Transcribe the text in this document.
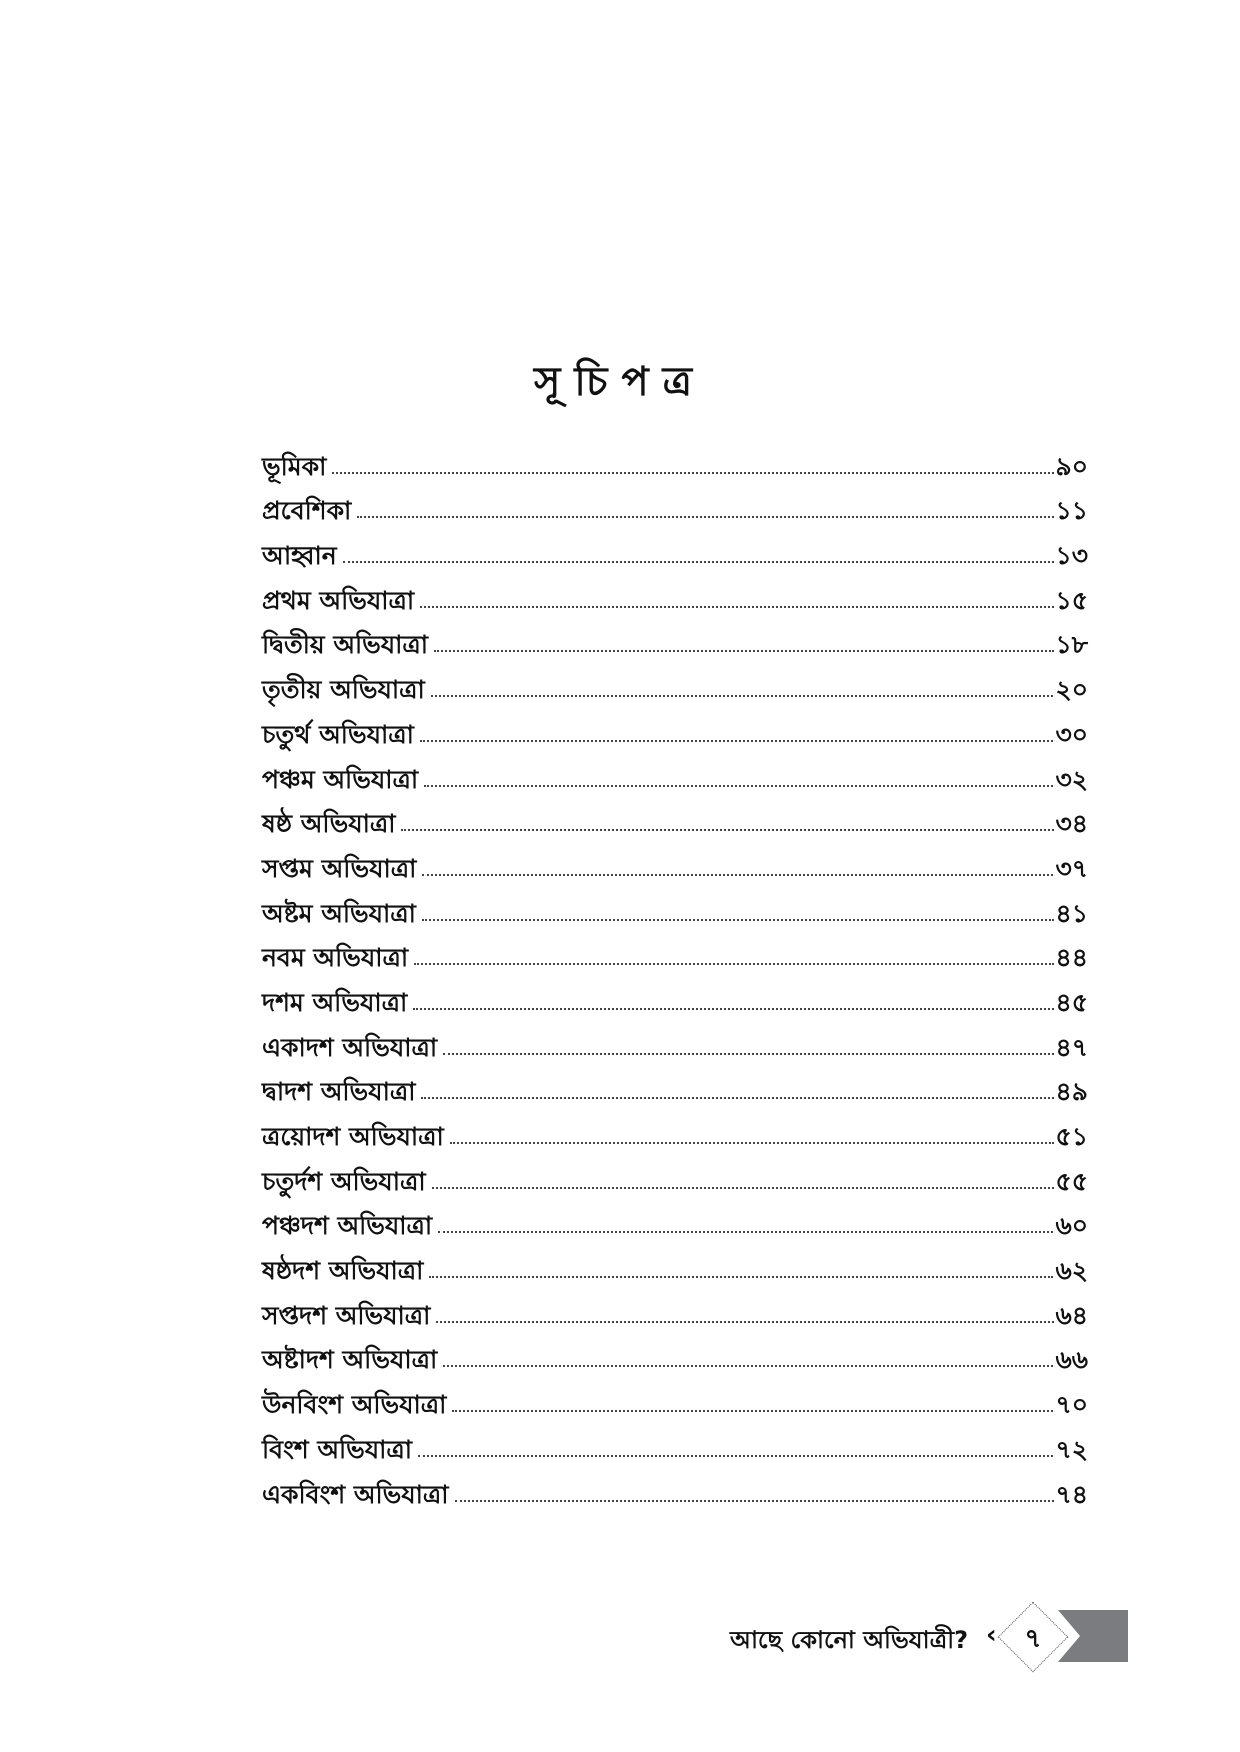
সূচিপত্র
ভূমিকা	৯০
প্রবেশিকা	১১
আহ্বান	১৩
প্রথম অভিযাত্রা	১৫
দ্বিতীয় অভিযাত্রা	১৮
তৃতীয় অভিযাত্রা	২০
চতুর্থ অভিযাত্রা	৩০
পঞ্চম অভিযাত্রা	৩২
ষষ্ঠ অভিযাত্রা	৩৪
সপ্তম অভিযাত্রা	৩৭
অষ্টম অভিযাত্রা	৪১
নবম অভিযাত্রা	৪৪
দশম অভিযাত্রা	৪৫
একাদশ অভিযাত্রা	৪৭
দ্বাদশ অভিযাত্রা	৪৯
ত্রয়োদশ অভিযাত্রা	৫১
চতুর্দশ অভিযাত্রা	৫৫
পঞ্চদশ অভিযাত্রা	৬০
ষষ্ঠদশ অভিযাত্রা	৬২
সপ্তদশ অভিযাত্রা	৬৪
অষ্টাদশ অভিযাত্রা	৬৬
উনবিংশ অভিযাত্রা	৭০
বিংশ অভিযাত্রা	৭২
একবিংশ অভিযাত্রা	৭৪
আছে কোনো অভিযাত্রী? ‹	৭
